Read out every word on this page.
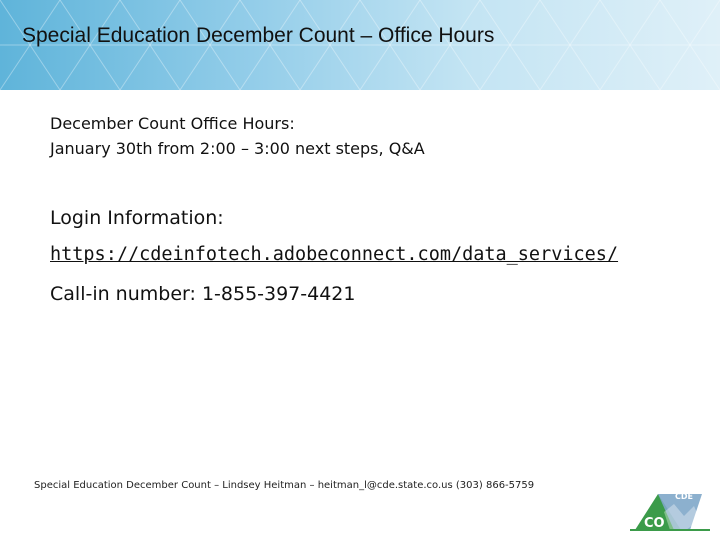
Special Education December Count – Office Hours
December Count Office Hours:
January 30th from 2:00 – 3:00 next steps, Q&A
Login Information:
https://cdeinfotech.adobeconnect.com/data_services/
Call-in number: 1-855-397-4421
Special Education December Count – Lindsey Heitman – heitman_l@cde.state.co.us (303) 866-5759
CO
CDE
